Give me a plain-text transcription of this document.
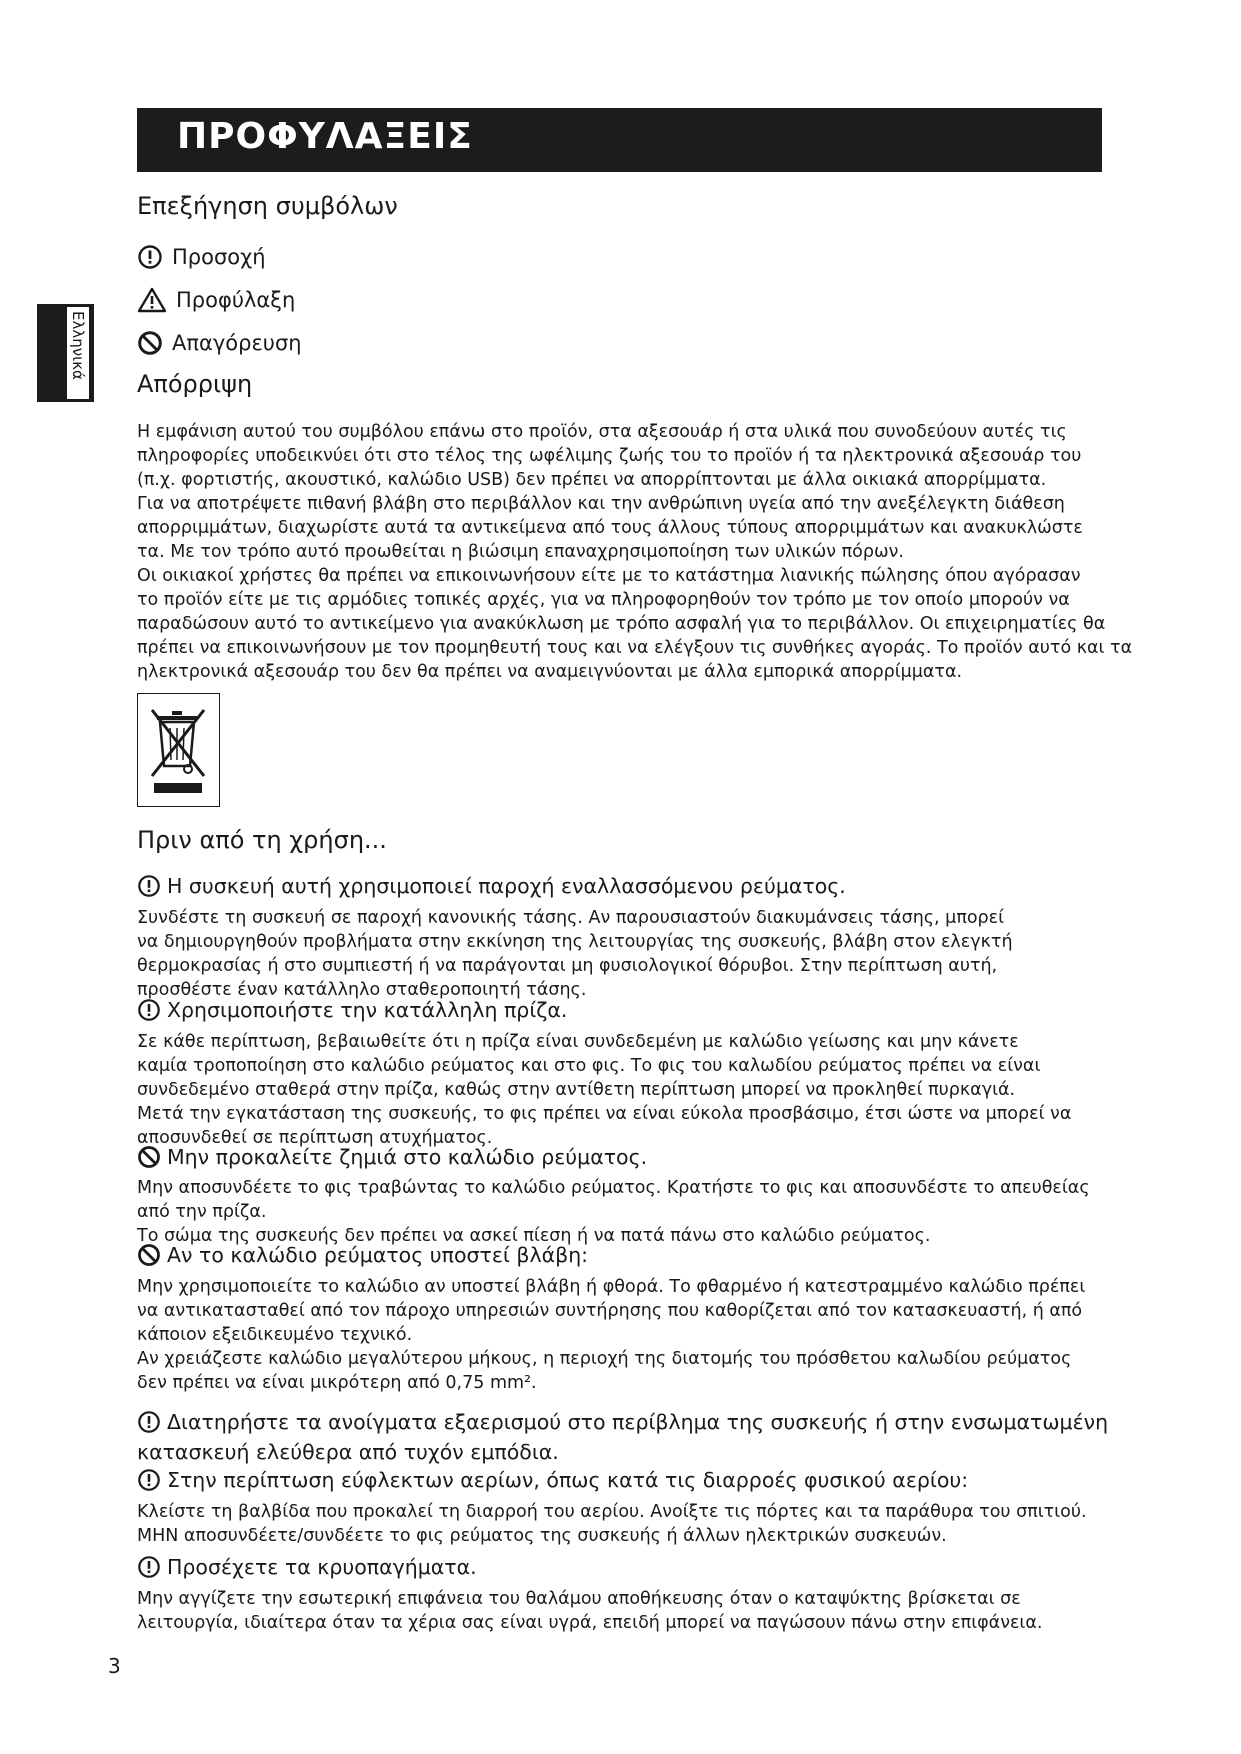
ΠΡΟΦΥΛΑΞΕΙΣ
Ελληνικά
Επεξήγηση συμβόλων
Προσοχή
Προφύλαξη
Απαγόρευση
Απόρριψη
Η εμφάνιση αυτού του συμβόλου επάνω στο προϊόν, στα αξεσουάρ ή στα υλικά που συνοδεύουν αυτές τις
πληροφορίες υποδεικνύει ότι στο τέλος της ωφέλιμης ζωής του το προϊόν ή τα ηλεκτρονικά αξεσουάρ του
(π.χ. φορτιστής, ακουστικό, καλώδιο USB) δεν πρέπει να απορρίπτονται με άλλα οικιακά απορρίμματα.
Για να αποτρέψετε πιθανή βλάβη στο περιβάλλον και την ανθρώπινη υγεία από την ανεξέλεγκτη διάθεση
απορριμμάτων, διαχωρίστε αυτά τα αντικείμενα από τους άλλους τύπους απορριμμάτων και ανακυκλώστε
τα. Με τον τρόπο αυτό προωθείται η βιώσιμη επαναχρησιμοποίηση των υλικών πόρων.
Οι οικιακοί χρήστες θα πρέπει να επικοινωνήσουν είτε με το κατάστημα λιανικής πώλησης όπου αγόρασαν
το προϊόν είτε με τις αρμόδιες τοπικές αρχές, για να πληροφορηθούν τον τρόπο με τον οποίο μπορούν να
παραδώσουν αυτό το αντικείμενο για ανακύκλωση με τρόπο ασφαλή για το περιβάλλον. Οι επιχειρηματίες θα
πρέπει να επικοινωνήσουν με τον προμηθευτή τους και να ελέγξουν τις συνθήκες αγοράς. Το προϊόν αυτό και τα
ηλεκτρονικά αξεσουάρ του δεν θα πρέπει να αναμειγνύονται με άλλα εμπορικά απορρίμματα.
Πριν από τη χρήση...
Η συσκευή αυτή χρησιμοποιεί παροχή εναλλασσόμενου ρεύματος.
Συνδέστε τη συσκευή σε παροχή κανονικής τάσης. Αν παρουσιαστούν διακυμάνσεις τάσης, μπορεί
να δημιουργηθούν προβλήματα στην εκκίνηση της λειτουργίας της συσκευής, βλάβη στον ελεγκτή
θερμοκρασίας ή στο συμπιεστή ή να παράγονται μη φυσιολογικοί θόρυβοι. Στην περίπτωση αυτή,
προσθέστε έναν κατάλληλο σταθεροποιητή τάσης.
Χρησιμοποιήστε την κατάλληλη πρίζα.
Σε κάθε περίπτωση, βεβαιωθείτε ότι η πρίζα είναι συνδεδεμένη με καλώδιο γείωσης και μην κάνετε
καμία τροποποίηση στο καλώδιο ρεύματος και στο φις. Το φις του καλωδίου ρεύματος πρέπει να είναι
συνδεδεμένο σταθερά στην πρίζα, καθώς στην αντίθετη περίπτωση μπορεί να προκληθεί πυρκαγιά.
Μετά την εγκατάσταση της συσκευής, το φις πρέπει να είναι εύκολα προσβάσιμο, έτσι ώστε να μπορεί να
αποσυνδεθεί σε περίπτωση ατυχήματος.
Μην προκαλείτε ζημιά στο καλώδιο ρεύματος.
Μην αποσυνδέετε το φις τραβώντας το καλώδιο ρεύματος. Κρατήστε το φις και αποσυνδέστε το απευθείας
από την πρίζα.
Το σώμα της συσκευής δεν πρέπει να ασκεί πίεση ή να πατά πάνω στο καλώδιο ρεύματος.
Αν το καλώδιο ρεύματος υποστεί βλάβη:
Μην χρησιμοποιείτε το καλώδιο αν υποστεί βλάβη ή φθορά. Το φθαρμένο ή κατεστραμμένο καλώδιο πρέπει
να αντικατασταθεί από τον πάροχο υπηρεσιών συντήρησης που καθορίζεται από τον κατασκευαστή, ή από
κάποιον εξειδικευμένο τεχνικό.
Αν χρειάζεστε καλώδιο μεγαλύτερου μήκους, η περιοχή της διατομής του πρόσθετου καλωδίου ρεύματος
δεν πρέπει να είναι μικρότερη από 0,75 mm².
Διατηρήστε τα ανοίγματα εξαερισμού στο περίβλημα της συσκευής ή στην ενσωματωμένη
κατασκευή ελεύθερα από τυχόν εμπόδια.
Στην περίπτωση εύφλεκτων αερίων, όπως κατά τις διαρροές φυσικού αερίου:
Κλείστε τη βαλβίδα που προκαλεί τη διαρροή του αερίου. Ανοίξτε τις πόρτες και τα παράθυρα του σπιτιού.
ΜΗΝ αποσυνδέετε/συνδέετε το φις ρεύματος της συσκευής ή άλλων ηλεκτρικών συσκευών.
Προσέχετε τα κρυοπαγήματα.
Μην αγγίζετε την εσωτερική επιφάνεια του θαλάμου αποθήκευσης όταν ο καταψύκτης βρίσκεται σε
λειτουργία, ιδιαίτερα όταν τα χέρια σας είναι υγρά, επειδή μπορεί να παγώσουν πάνω στην επιφάνεια.
3
